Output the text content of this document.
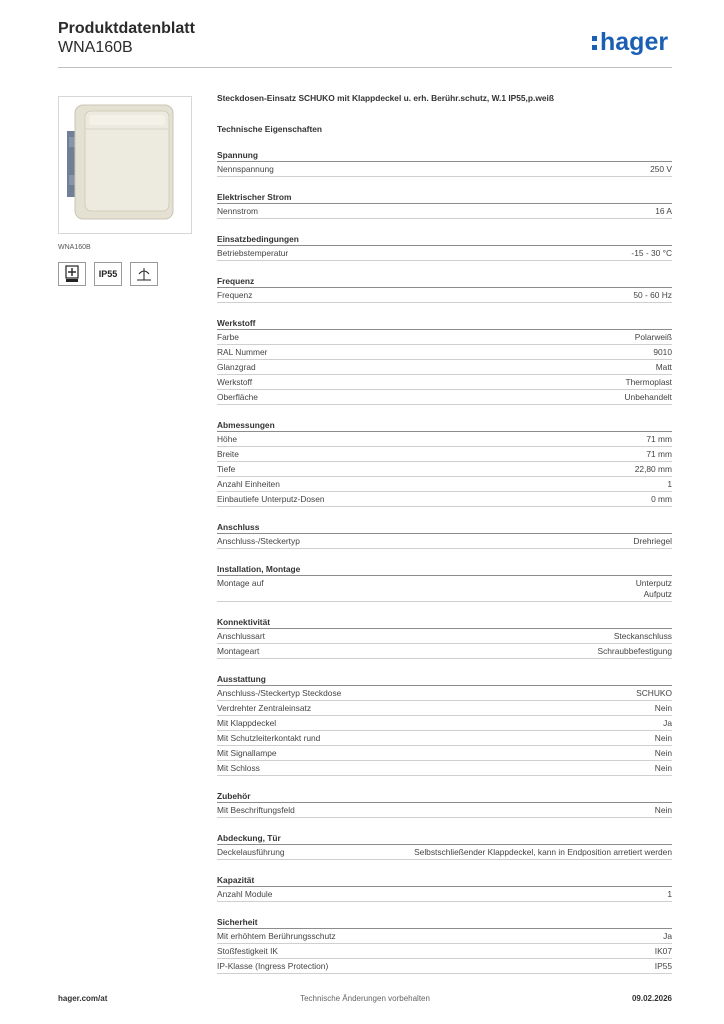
Produktdatenblatt
WNA160B	hager
WNA160B
IP55
Steckdosen-Einsatz SCHUKO mit Klappdeckel u. erh. Berühr.schutz, W.1 IP55,p.weiß
Technische Eigenschaften
Spannung
Nennspannung	250 V
Elektrischer Strom
Nennstrom	16 A
Einsatzbedingungen
Betriebstemperatur	-15 - 30 °C
Frequenz
Frequenz	50 - 60 Hz
Werkstoff
Farbe	Polarweiß
RAL Nummer	9010
Glanzgrad	Matt
Werkstoff	Thermoplast
Oberfläche	Unbehandelt
Abmessungen
Höhe	71 mm
Breite	71 mm
Tiefe	22,80 mm
Anzahl Einheiten	1
Einbautiefe Unterputz-Dosen	0 mm
Anschluss
Anschluss-/Steckertyp	Drehriegel
Installation, Montage
Montage auf	Unterputz
Aufputz
Konnektivität
Anschlussart	Steckanschluss
Montageart	Schraubbefestigung
Ausstattung
Anschluss-/Steckertyp Steckdose	SCHUKO
Verdrehter Zentraleinsatz	Nein
Mit Klappdeckel	Ja
Mit Schutzleiterkontakt rund	Nein
Mit Signallampe	Nein
Mit Schloss	Nein
Zubehör
Mit Beschriftungsfeld	Nein
Abdeckung, Tür
Deckelausführung	Selbstschließender Klappdeckel, kann in Endposition arretiert werden
Kapazität
Anzahl Module	1
Sicherheit
Mit erhöhtem Berührungsschutz	Ja
Stoßfestigkeit IK	IK07
IP-Klasse (Ingress Protection)	IP55
hager.com/at	Technische Änderungen vorbehalten	09.02.2026
